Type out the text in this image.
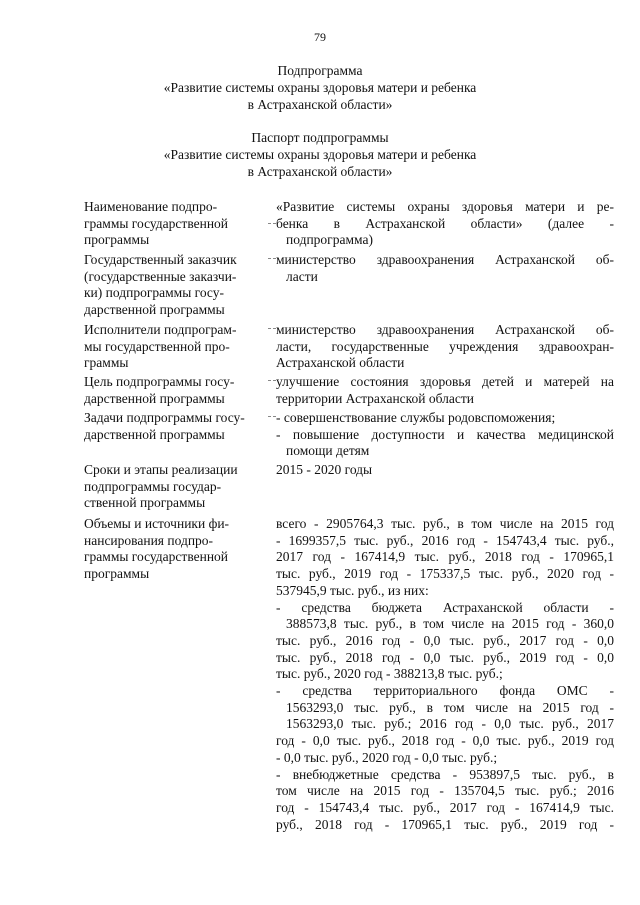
79
Подпрограмма
«Развитие системы охраны здоровья матери и ребенка
в Астраханской области»
Паспорт подпрограммы
«Развитие системы охраны здоровья матери и ребенка
в Астраханской области»
Наименование подпро-
граммы государственной
программы
«Развитие системы охраны здоровья матери и ре-
бенка в Астраханской области» (далее -
подпрограмма)
Государственный заказчик
(государственные заказчи-
ки) подпрограммы госу-
дарственной программы
министерство здравоохранения Астраханской об-
ласти
Исполнители подпрограм-
мы государственной про-
граммы
министерство здравоохранения Астраханской об-
ласти, государственные учреждения здравоохран-
Астраханской области
Цель подпрограммы госу-
дарственной программы
улучшение состояния здоровья детей и матерей на
территории Астраханской области
Задачи подпрограммы госу-
дарственной программы
- совершенствование службы родовспоможения;
- повышение доступности и качества медицинской
помощи детям
Сроки и этапы реализации
подпрограммы государ-
ственной программы
2015 - 2020 годы
Объемы и источники фи-
нансирования подпро-
граммы государственной
программы
всего - 2905764,3 тыс. руб., в том числе на 2015 год
- 1699357,5 тыс. руб., 2016 год - 154743,4 тыс. руб.,
2017 год - 167414,9 тыс. руб., 2018 год - 170965,1
тыс. руб., 2019 год - 175337,5 тыс. руб., 2020 год -
537945,9 тыс. руб., из них:
- средства бюджета Астраханской области -
388573,8 тыс. руб., в том числе на 2015 год - 360,0
тыс. руб., 2016 год - 0,0 тыс. руб., 2017 год - 0,0
тыс. руб., 2018 год - 0,0 тыс. руб., 2019 год - 0,0
тыс. руб., 2020 год - 388213,8 тыс. руб.;
- средства территориального фонда ОМС -
1563293,0 тыс. руб., в том числе на 2015 год -
1563293,0 тыс. руб.; 2016 год - 0,0 тыс. руб., 2017
год - 0,0 тыс. руб., 2018 год - 0,0 тыс. руб., 2019 год
- 0,0 тыс. руб., 2020 год - 0,0 тыс. руб.;
- внебюджетные средства - 953897,5 тыс. руб., в
том числе на 2015 год - 135704,5 тыс. руб.; 2016
год - 154743,4 тыс. руб., 2017 год - 167414,9 тыс.
руб., 2018 год - 170965,1 тыс. руб., 2019 год -
